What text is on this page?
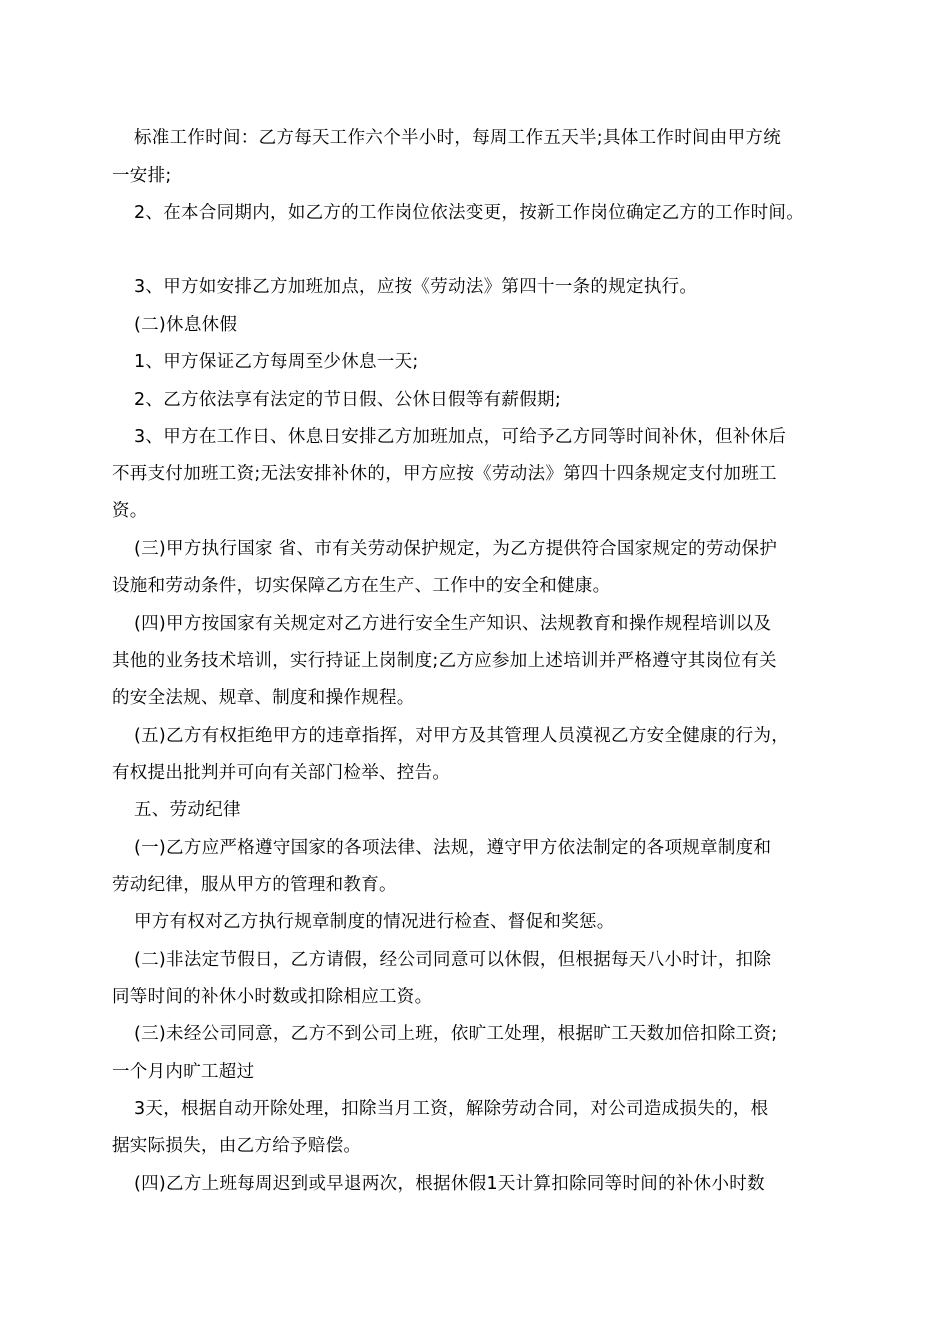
标准工作时间：乙方每天工作六个半小时，每周工作五天半;具体工作时间由甲方统
一安排;
2、在本合同期内，如乙方的工作岗位依法变更，按新工作岗位确定乙方的工作时间。
3、甲方如安排乙方加班加点，应按《劳动法》第四十一条的规定执行。
(二)休息休假
1、甲方保证乙方每周至少休息一天;
2、乙方依法享有法定的节日假、公休日假等有薪假期;
3、甲方在工作日、休息日安排乙方加班加点，可给予乙方同等时间补休，但补休后
不再支付加班工资;无法安排补休的，甲方应按《劳动法》第四十四条规定支付加班工
资。
(三)甲方执行国家 省、市有关劳动保护规定，为乙方提供符合国家规定的劳动保护
设施和劳动条件，切实保障乙方在生产、工作中的安全和健康。
(四)甲方按国家有关规定对乙方进行安全生产知识、法规教育和操作规程培训以及
其他的业务技术培训，实行持证上岗制度;乙方应参加上述培训并严格遵守其岗位有关
的安全法规、规章、制度和操作规程。
(五)乙方有权拒绝甲方的违章指挥，对甲方及其管理人员漠视乙方安全健康的行为，
有权提出批判并可向有关部门检举、控告。
五、劳动纪律
(一)乙方应严格遵守国家的各项法律、法规，遵守甲方依法制定的各项规章制度和
劳动纪律，服从甲方的管理和教育。
甲方有权对乙方执行规章制度的情况进行检查、督促和奖惩。
(二)非法定节假日，乙方请假，经公司同意可以休假，但根据每天八小时计，扣除
同等时间的补休小时数或扣除相应工资。
(三)未经公司同意，乙方不到公司上班，依旷工处理，根据旷工天数加倍扣除工资;
一个月内旷工超过
3天，根据自动开除处理，扣除当月工资，解除劳动合同，对公司造成损失的，根
据实际损失，由乙方给予赔偿。
(四)乙方上班每周迟到或早退两次，根据休假1天计算扣除同等时间的补休小时数
